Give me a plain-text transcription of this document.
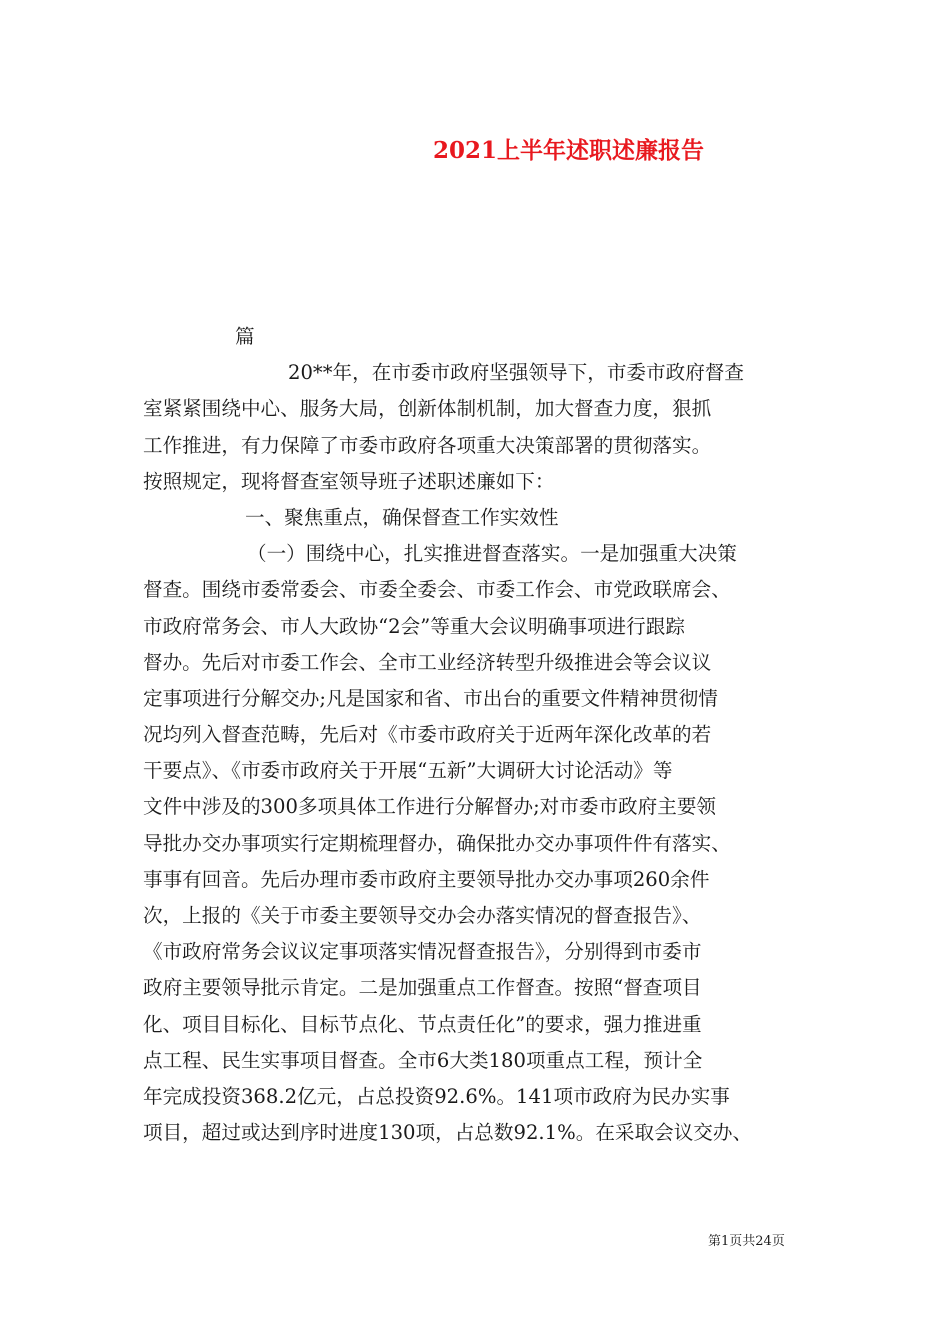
2021上半年述职述廉报告
篇
20**年，在市委市政府坚强领导下，市委市政府督查
室紧紧围绕中心、服务大局，创新体制机制，加大督查力度，狠抓
工作推进，有力保障了市委市政府各项重大决策部署的贯彻落实。
按照规定，现将督查室领导班子述职述廉如下：
一、聚焦重点，确保督查工作实效性
（一）围绕中心，扎实推进督查落实。一是加强重大决策
督查。围绕市委常委会、市委全委会、市委工作会、市党政联席会、
市政府常务会、市人大政协“2会”等重大会议明确事项进行跟踪
督办。先后对市委工作会、全市工业经济转型升级推进会等会议议
定事项进行分解交办;凡是国家和省、市出台的重要文件精神贯彻情
况均列入督查范畴，先后对《市委市政府关于近两年深化改革的若
干要点》、《市委市政府关于开展“五新”大调研大讨论活动》等
文件中涉及的300多项具体工作进行分解督办;对市委市政府主要领
导批办交办事项实行定期梳理督办，确保批办交办事项件件有落实、
事事有回音。先后办理市委市政府主要领导批办交办事项260余件
次，上报的《关于市委主要领导交办会办落实情况的督查报告》、
《市政府常务会议议定事项落实情况督查报告》，分别得到市委市
政府主要领导批示肯定。二是加强重点工作督查。按照“督查项目
化、项目目标化、目标节点化、节点责任化”的要求，强力推进重
点工程、民生实事项目督查。全市6大类180项重点工程，预计全
年完成投资368.2亿元，占总投资92.6%。141项市政府为民办实事
项目，超过或达到序时进度130项，占总数92.1%。在采取会议交办、
第1页共24页
